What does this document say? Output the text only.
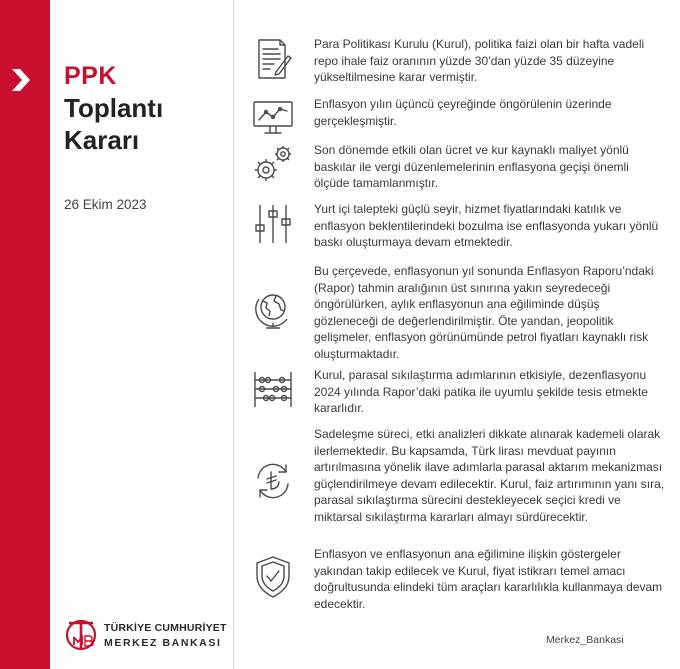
PPK
Toplantı
Kararı
26 Ekim 2023
TÜRKİYE CUMHURİYET
MERKEZ BANKASI
Para Politikası Kurulu (Kurul), politika faizi olan bir hafta vadeli repo ihale faiz oranının yüzde 30’dan yüzde 35 düzeyine yükseltilmesine karar vermiştir.
Enflasyon yılın üçüncü çeyreğinde öngörülenin üzerinde gerçekleşmiştir.
Son dönemde etkili olan ücret ve kur kaynaklı maliyet yönlü baskılar ile vergi düzenlemelerinin enflasyona geçişi önemli ölçüde tamamlanmıştır.
Yurt içi talepteki güçlü seyir, hizmet fiyatlarındaki katılık ve enflasyon beklentilerindeki bozulma ise enflasyonda yukarı yönlü baskı oluşturmaya devam etmektedir.
Bu çerçevede, enflasyonun yıl sonunda Enflasyon Raporu’ndaki (Rapor) tahmin aralığının üst sınırına yakın seyredeceği öngörülürken, aylık enflasyonun ana eğiliminde düşüş gözleneceği de değerlendirilmiştir. Öte yandan, jeopolitik gelişmeler, enflasyon görünümünde petrol fiyatları kaynaklı risk oluşturmaktadır.
Kurul, parasal sıkılaştırma adımlarının etkisiyle, dezenflasyonu 2024 yılında Rapor’daki patika ile uyumlu şekilde tesis etmekte kararlıdır.
Sadeleşme süreci, etki analizleri dikkate alınarak kademeli olarak ilerlemektedir. Bu kapsamda, Türk lirası mevduat payının artırılmasına yönelik ilave adımlarla parasal aktarım mekanizması güçlendirilmeye devam edilecektir. Kurul, faiz artırımının yanı sıra, parasal sıkılaştırma sürecini destekleyecek seçici kredi ve miktarsal sıkılaştırma kararları almayı sürdürecektir.
Enflasyon ve enflasyonun ana eğilimine ilişkin göstergeler yakından takip edilecek ve Kurul, fiyat istikrarı temel amacı doğrultusunda elindeki tüm araçları kararlılıkla kullanmaya devam edecektir.
Merkez_Bankasi
